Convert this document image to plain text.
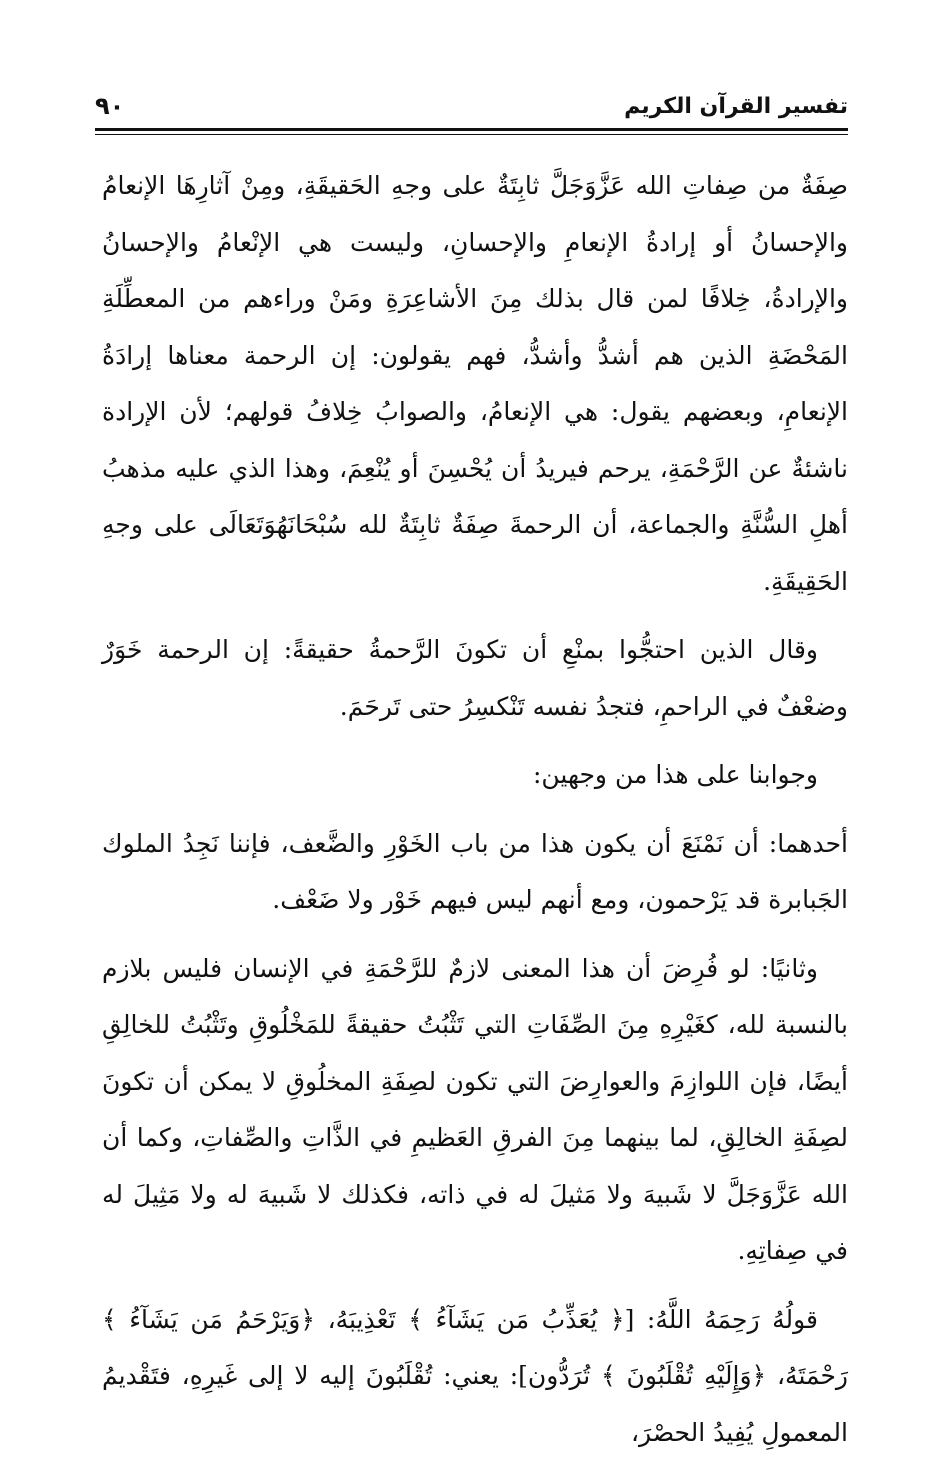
تفسير القرآن الكريم
٩٠

صِفَةٌ من صِفاتِ الله عَزَّوَجَلَّ ثابِتَةٌ على وجهِ الحَقيقَةِ، ومِنْ آثارِهَا الإنعامُ والإحسانُ أو إرادةُ الإنعامِ والإحسانِ، وليست هي الإنْعامُ والإحسانُ والإرادةُ، خِلافًا لمن قال بذلك مِنَ الأشاعِرَةِ ومَنْ وراءهم من المعطِّلَةِ المَحْضَةِ الذين هم أشدُّ وأشدُّ، فهم يقولون: إن الرحمة معناها إرادَةُ الإنعامِ، وبعضهم يقول: هي الإنعامُ، والصوابُ خِلافُ قولهم؛ لأن الإرادة ناشئةٌ عن الرَّحْمَةِ، يرحم فيريدُ أن يُحْسِنَ أو يُنْعِمَ، وهذا الذي عليه مذهبُ أهلِ السُّنَّةِ والجماعة، أن الرحمةَ صِفَةٌ ثابِتَةٌ لله سُبْحَانَهُوَتَعَالَى على وجهِ الحَقِيقَةِ.

وقال الذين احتجُّوا بمنْعِ أن تكونَ الرَّحمةُ حقيقةً: إن الرحمة خَوَرٌ وضعْفٌ في الراحمِ، فتجدُ نفسه تَنْكسِرُ حتى تَرحَمَ.

وجوابنا على هذا من وجهين:

أحدهما: أن نَمْنَعَ أن يكون هذا من باب الخَوْرِ والضَّعف، فإننا نَجِدُ الملوك الجَبابرة قد يَرْحمون، ومع أنهم ليس فيهم خَوْر ولا ضَعْف.

وثانيًا: لو فُرِضَ أن هذا المعنى لازمٌ للرَّحْمَةِ في الإنسان فليس بلازم بالنسبة لله، كغَيْرِهِ مِنَ الصِّفَاتِ التي تَثْبُتُ حقيقةً للمَخْلُوقِ وتَثْبُتُ للخالِقِ أيضًا، فإن اللوازِمَ والعوارِضَ التي تكون لصِفَةِ المخلُوقِ لا يمكن أن تكونَ لصِفَةِ الخالِقِ، لما بينهما مِنَ الفرقِ العَظيمِ في الذَّاتِ والصِّفاتِ، وكما أن الله عَزَّوَجَلَّ لا شَبيهَ ولا مَثيلَ له في ذاته، فكذلك لا شَبيهَ له ولا مَثِيلَ له في صِفاتِهِ.

قولُهُ رَحِمَهُ اللَّهُ: [﴿ يُعَذِّبُ مَن يَشَآءُ ﴾ تَعْذِيبَهُ، ﴿وَيَرْحَمُ مَن يَشَآءُ ﴾ رَحْمَتَهُ، ﴿وَإِلَيْهِ تُقْلَبُونَ ﴾ تُرَدُّون]: يعني: تُقْلَبُونَ إليه لا إلى غَيرِهِ، فتَقْديمُ المعمولِ يُفِيدُ الحصْرَ،
